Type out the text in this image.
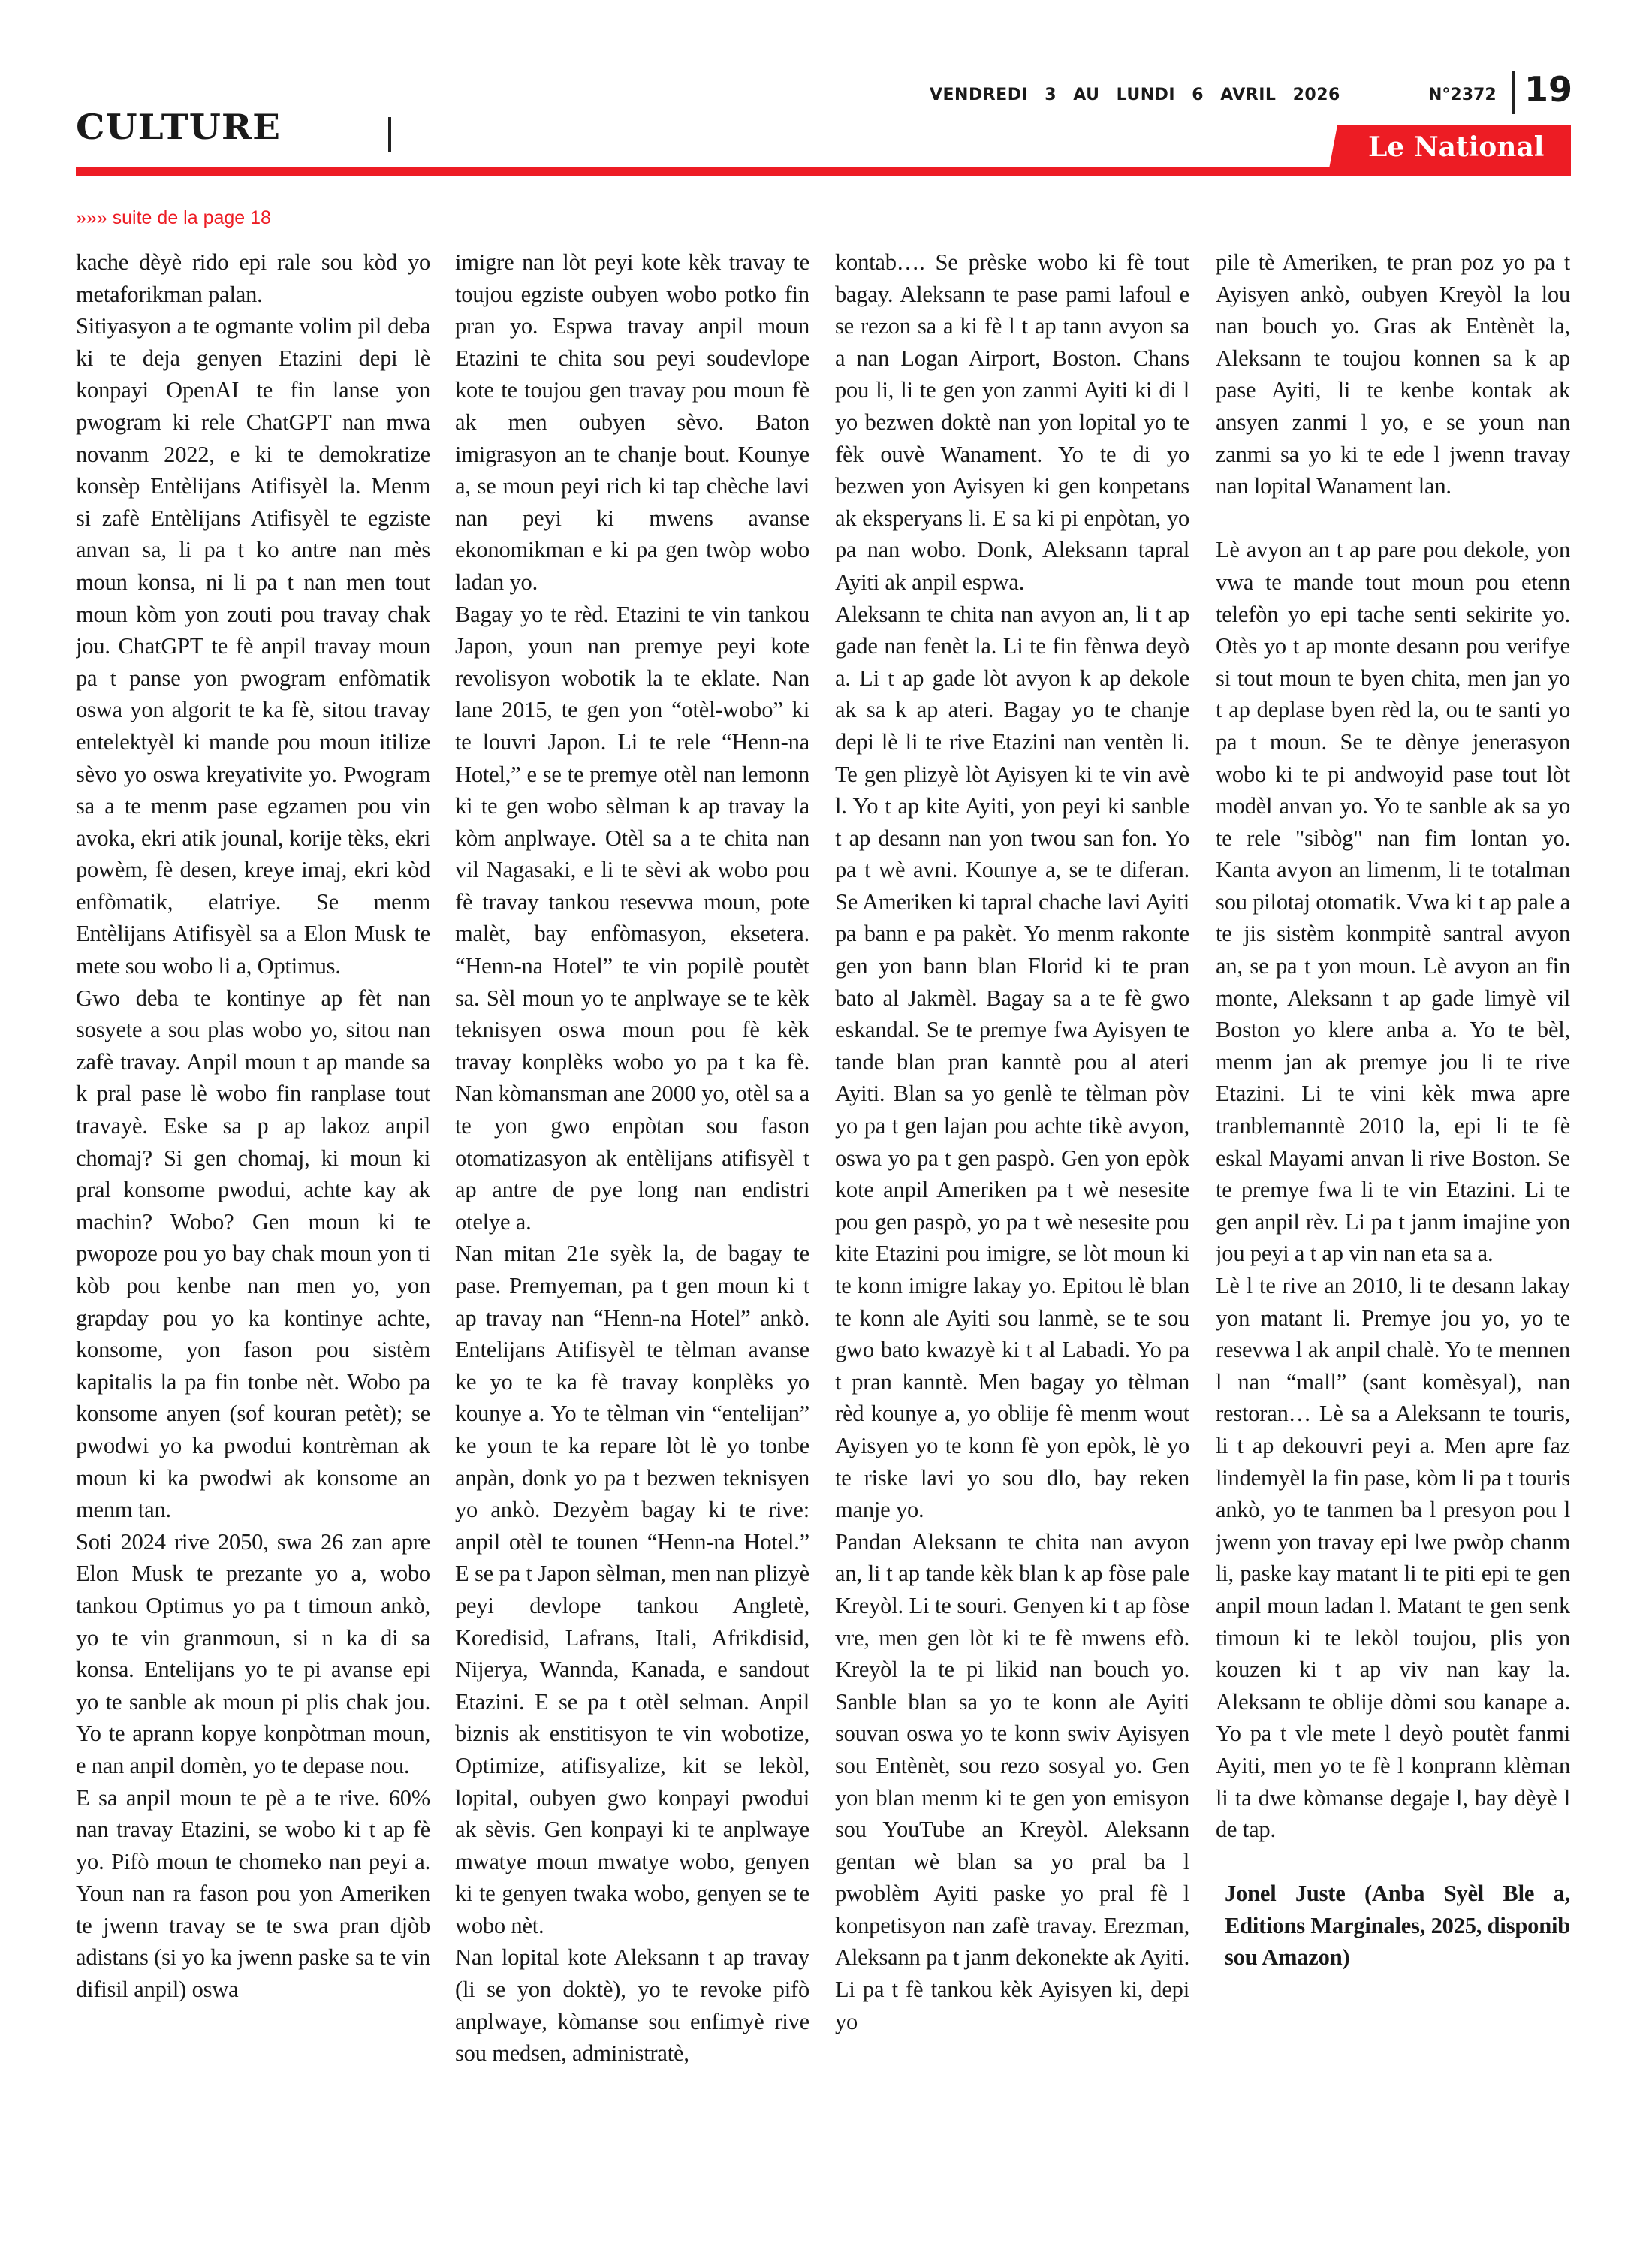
CULTURE
VENDREDI 3 AU LUNDI 6 AVRIL 2026	N°2372 19
Le National
»»» suite de la page 18

kache dèyè rido epi rale sou kòd yo metaforikman palan.

Sitiyasyon a te ogmante volim pil deba ki te deja genyen Etazini depi lè konpayi OpenAI te fin lanse yon pwogram ki rele ChatGPT nan mwa novanm 2022, e ki te demokratize konsèp Entèlijans Atifisyèl la. Menm si zafè Entèlijans Atifisyèl te egziste anvan sa, li pa t ko antre nan mès moun konsa, ni li pa t nan men tout moun kòm yon zouti pou travay chak jou. ChatGPT te fè anpil travay moun pa t panse yon pwogram enfòmatik oswa yon algorit te ka fè, sitou travay entelektyèl ki mande pou moun itilize sèvo yo oswa kreyativite yo. Pwogram sa a te menm pase egzamen pou vin avoka, ekri atik jounal, korije tèks, ekri powèm, fè desen, kreye imaj, ekri kòd enfòmatik, elatriye. Se menm Entèlijans Atifisyèl sa a Elon Musk te mete sou wobo li a, Optimus.

Gwo deba te kontinye ap fèt nan sosyete a sou plas wobo yo, sitou nan zafè travay. Anpil moun t ap mande sa k pral pase lè wobo fin ranplase tout travayè. Eske sa p ap lakoz anpil chomaj? Si gen chomaj, ki moun ki pral konsome pwodui, achte kay ak machin? Wobo? Gen moun ki te pwopoze pou yo bay chak moun yon ti kòb pou kenbe nan men yo, yon grapday pou yo ka kontinye achte, konsome, yon fason pou sistèm kapitalis la pa fin tonbe nèt. Wobo pa konsome anyen (sof kouran petèt); se pwodwi yo ka pwodui kontrèman ak moun ki ka pwodwi ak konsome an menm tan.

Soti 2024 rive 2050, swa 26 zan apre Elon Musk te prezante yo a, wobo tankou Optimus yo pa t timoun ankò, yo te vin granmoun, si n ka di sa konsa. Entelijans yo te pi avanse epi yo te sanble ak moun pi plis chak jou. Yo te aprann kopye konpòtman moun, e nan anpil domèn, yo te depase nou.

E sa anpil moun te pè a te rive. 60% nan travay Etazini, se wobo ki t ap fè yo. Pifò moun te chomeko nan peyi a. Youn nan ra fason pou yon Ameriken te jwenn travay se te swa pran djòb adistans (si yo ka jwenn paske sa te vin difisil anpil) oswa

imigre nan lòt peyi kote kèk travay te toujou egziste oubyen wobo potko fin pran yo. Espwa travay anpil moun Etazini te chita sou peyi soudevlope kote te toujou gen travay pou moun fè ak men oubyen sèvo. Baton imigrasyon an te chanje bout. Kounye a, se moun peyi rich ki tap chèche lavi nan peyi ki mwens avanse ekonomikman e ki pa gen twòp wobo ladan yo.

Bagay yo te rèd. Etazini te vin tankou Japon, youn nan premye peyi kote revolisyon wobotik la te eklate. Nan lane 2015, te gen yon “otèl-wobo” ki te louvri Japon. Li te rele “Henn-na Hotel,” e se te premye otèl nan lemonn ki te gen wobo sèlman k ap travay la kòm anplwaye. Otèl sa a te chita nan vil Nagasaki, e li te sèvi ak wobo pou fè travay tankou resevwa moun, pote malèt, bay enfòmasyon, eksetera. “Henn-na Hotel” te vin popilè poutèt sa. Sèl moun yo te anplwaye se te kèk teknisyen oswa moun pou fè kèk travay konplèks wobo yo pa t ka fè. Nan kòmansman ane 2000 yo, otèl sa a te yon gwo enpòtan sou fason otomatizasyon ak entèlijans atifisyèl t ap antre de pye long nan endistri otelye a.

Nan mitan 21e syèk la, de bagay te pase. Premyeman, pa t gen moun ki t ap travay nan “Henn-na Hotel” ankò. Entelijans Atifisyèl te tèlman avanse ke yo te ka fè travay konplèks yo kounye a. Yo te tèlman vin “entelijan” ke youn te ka repare lòt lè yo tonbe anpàn, donk yo pa t bezwen teknisyen yo ankò. Dezyèm bagay ki te rive: anpil otèl te tounen “Henn-na Hotel.” E se pa t Japon sèlman, men nan plizyè peyi devlope tankou Angletè, Koredisid, Lafrans, Itali, Afrikdisid, Nijerya, Wannda, Kanada, e sandout Etazini. E se pa t otèl selman. Anpil biznis ak enstitisyon te vin wobotize, Optimize, atifisyalize, kit se lekòl, lopital, oubyen gwo konpayi pwodui ak sèvis. Gen konpayi ki te anplwaye mwatye moun mwatye wobo, genyen ki te genyen twaka wobo, genyen se te wobo nèt.

Nan lopital kote Aleksann t ap travay (li se yon doktè), yo te revoke pifò anplwaye, kòmanse sou enfimyè rive sou medsen, administratè,

kontab…. Se prèske wobo ki fè tout bagay. Aleksann te pase pami lafoul e se rezon sa a ki fè l t ap tann avyon sa a nan Logan Airport, Boston. Chans pou li, li te gen yon zanmi Ayiti ki di l yo bezwen doktè nan yon lopital yo te fèk ouvè Wanament. Yo te di yo bezwen yon Ayisyen ki gen konpetans ak eksperyans li. E sa ki pi enpòtan, yo pa nan wobo. Donk, Aleksann tapral Ayiti ak anpil espwa.

Aleksann te chita nan avyon an, li t ap gade nan fenèt la. Li te fin fènwa deyò a. Li t ap gade lòt avyon k ap dekole ak sa k ap ateri. Bagay yo te chanje depi lè li te rive Etazini nan ventèn li. Te gen plizyè lòt Ayisyen ki te vin avè l. Yo t ap kite Ayiti, yon peyi ki sanble t ap desann nan yon twou san fon. Yo pa t wè avni. Kounye a, se te diferan. Se Ameriken ki tapral chache lavi Ayiti pa bann e pa pakèt. Yo menm rakonte gen yon bann blan Florid ki te pran bato al Jakmèl. Bagay sa a te fè gwo eskandal. Se te premye fwa Ayisyen te tande blan pran kanntè pou al ateri Ayiti. Blan sa yo genlè te tèlman pòv yo pa t gen lajan pou achte tikè avyon, oswa yo pa t gen paspò. Gen yon epòk kote anpil Ameriken pa t wè nesesite pou gen paspò, yo pa t wè nesesite pou kite Etazini pou imigre, se lòt moun ki te konn imigre lakay yo. Epitou lè blan te konn ale Ayiti sou lanmè, se te sou gwo bato kwazyè ki t al Labadi. Yo pa t pran kanntè. Men bagay yo tèlman rèd kounye a, yo oblije fè menm wout Ayisyen yo te konn fè yon epòk, lè yo te riske lavi yo sou dlo, bay reken manje yo.

Pandan Aleksann te chita nan avyon an, li t ap tande kèk blan k ap fòse pale Kreyòl. Li te souri. Genyen ki t ap fòse vre, men gen lòt ki te fè mwens efò. Kreyòl la te pi likid nan bouch yo. Sanble blan sa yo te konn ale Ayiti souvan oswa yo te konn swiv Ayisyen sou Entènèt, sou rezo sosyal yo. Gen yon blan menm ki te gen yon emisyon sou YouTube an Kreyòl. Aleksann gentan wè blan sa yo pral ba l pwoblèm Ayiti paske yo pral fè l konpetisyon nan zafè travay. Erezman, Aleksann pa t janm dekonekte ak Ayiti. Li pa t fè tankou kèk Ayisyen ki, depi yo

pile tè Ameriken, te pran poz yo pa t Ayisyen ankò, oubyen Kreyòl la lou nan bouch yo. Gras ak Entènèt la, Aleksann te toujou konnen sa k ap pase Ayiti, li te kenbe kontak ak ansyen zanmi l yo, e se youn nan zanmi sa yo ki te ede l jwenn travay nan lopital Wanament lan.

Lè avyon an t ap pare pou dekole, yon vwa te mande tout moun pou etenn telefòn yo epi tache senti sekirite yo. Otès yo t ap monte desann pou verifye si tout moun te byen chita, men jan yo t ap deplase byen rèd la, ou te santi yo pa t moun. Se te dènye jenerasyon wobo ki te pi andwoyid pase tout lòt modèl anvan yo. Yo te sanble ak sa yo te rele "sibòg" nan fim lontan yo. Kanta avyon an limenm, li te totalman sou pilotaj otomatik. Vwa ki t ap pale a te jis sistèm konmpitè santral avyon an, se pa t yon moun. Lè avyon an fin monte, Aleksann t ap gade limyè vil Boston yo klere anba a. Yo te bèl, menm jan ak premye jou li te rive Etazini. Li te vini kèk mwa apre tranblemanntè 2010 la, epi li te fè eskal Mayami anvan li rive Boston. Se te premye fwa li te vin Etazini. Li te gen anpil rèv. Li pa t janm imajine yon jou peyi a t ap vin nan eta sa a.

Lè l te rive an 2010, li te desann lakay yon matant li. Premye jou yo, yo te resevwa l ak anpil chalè. Yo te mennen l nan “mall” (sant komèsyal), nan restoran… Lè sa a Aleksann te touris, li t ap dekouvri peyi a. Men apre faz lindemyèl la fin pase, kòm li pa t touris ankò, yo te tanmen ba l presyon pou l jwenn yon travay epi lwe pwòp chanm li, paske kay matant li te piti epi te gen anpil moun ladan l. Matant te gen senk timoun ki te lekòl toujou, plis yon kouzen ki t ap viv nan kay la. Aleksann te oblije dòmi sou kanape a. Yo pa t vle mete l deyò poutèt fanmi Ayiti, men yo te fè l konprann klèman li ta dwe kòmanse degaje l, bay dèyè l de tap.

Jonel Juste (Anba Syèl Ble a, Editions Marginales, 2025, disponib sou Amazon)
